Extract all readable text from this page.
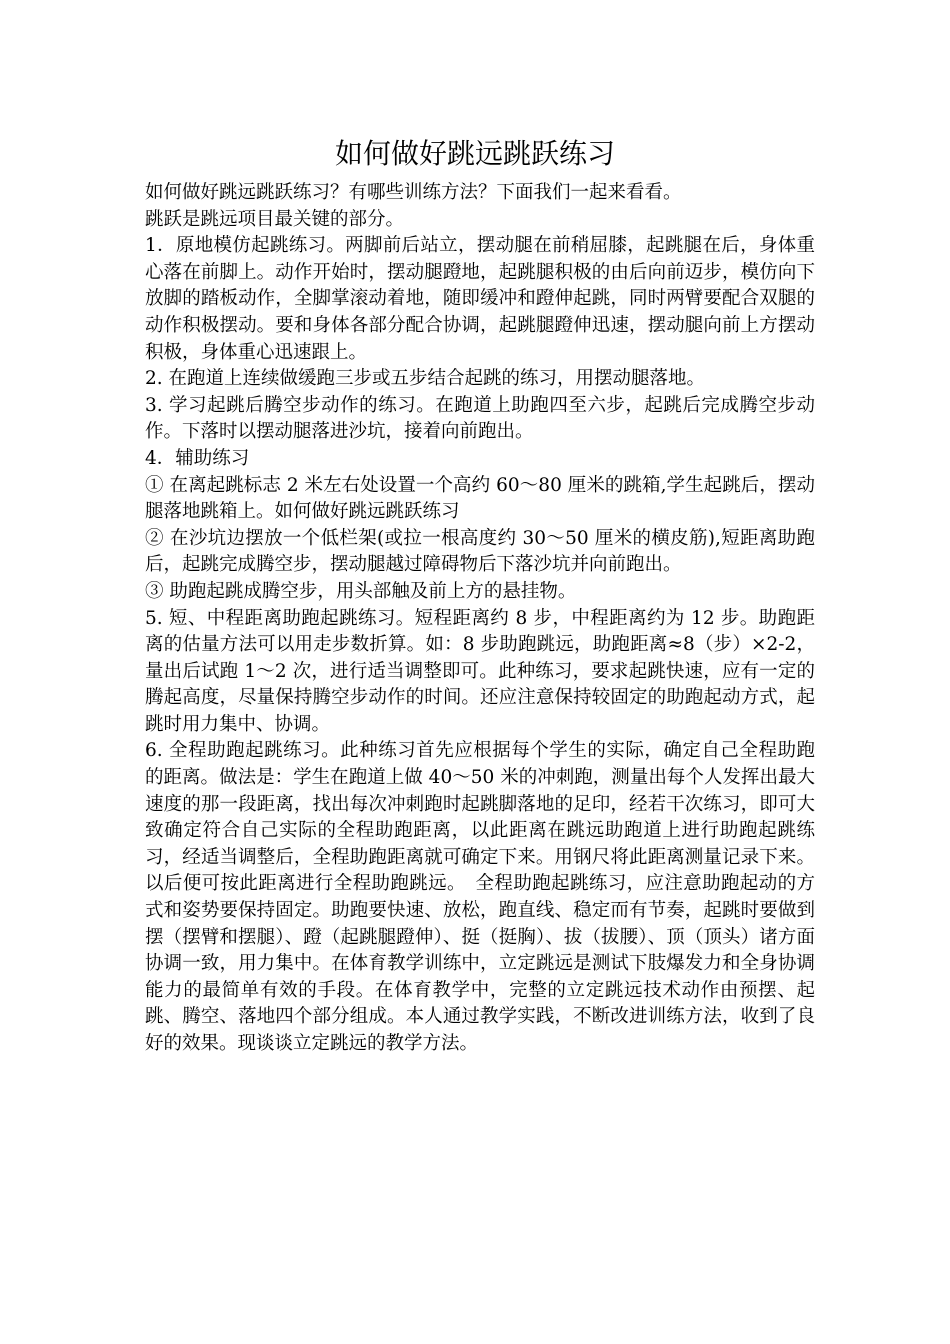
如何做好跳远跳跃练习

如何做好跳远跳跃练习？有哪些训练方法？下面我们一起来看看。

跳跃是跳远项目最关键的部分。

1．原地模仿起跳练习。两脚前后站立，摆动腿在前稍屈膝，起跳腿在后，身体重心落在前脚上。动作开始时，摆动腿蹬地，起跳腿积极的由后向前迈步，模仿向下放脚的踏板动作，全脚掌滚动着地，随即缓冲和蹬伸起跳，同时两臂要配合双腿的动作积极摆动。要和身体各部分配合协调，起跳腿蹬伸迅速，摆动腿向前上方摆动积极，身体重心迅速跟上。

2. 在跑道上连续做缓跑三步或五步结合起跳的练习，用摆动腿落地。

3. 学习起跳后腾空步动作的练习。在跑道上助跑四至六步，起跳后完成腾空步动作。下落时以摆动腿落进沙坑，接着向前跑出。

4．辅助练习

① 在离起跳标志 2 米左右处设置一个高约 60～80 厘米的跳箱,学生起跳后，摆动腿落地跳箱上。如何做好跳远跳跃练习

② 在沙坑边摆放一个低栏架(或拉一根高度约 30～50 厘米的横皮筋),短距离助跑后，起跳完成腾空步，摆动腿越过障碍物后下落沙坑并向前跑出。

③ 助跑起跳成腾空步，用头部触及前上方的悬挂物。

5. 短、中程距离助跑起跳练习。短程距离约 8 步，中程距离约为 12 步。助跑距离的估量方法可以用走步数折算。如：8 步助跑跳远，助跑距离≈8（步）×2-2，量出后试跑 1～2 次，进行适当调整即可。此种练习，要求起跳快速，应有一定的腾起高度，尽量保持腾空步动作的时间。还应注意保持较固定的助跑起动方式，起跳时用力集中、协调。

6. 全程助跑起跳练习。此种练习首先应根据每个学生的实际，确定自己全程助跑的距离。做法是：学生在跑道上做 40～50 米的冲刺跑，测量出每个人发挥出最大速度的那一段距离，找出每次冲刺跑时起跳脚落地的足印，经若干次练习，即可大致确定符合自己实际的全程助跑距离，以此距离在跳远助跑道上进行助跑起跳练习，经适当调整后，全程助跑距离就可确定下来。用钢尺将此距离测量记录下来。以后便可按此距离进行全程助跑跳远。　全程助跑起跳练习，应注意助跑起动的方式和姿势要保持固定。助跑要快速、放松，跑直线、稳定而有节奏，起跳时要做到摆（摆臂和摆腿）、蹬（起跳腿蹬伸）、挺（挺胸）、拔（拔腰）、顶（顶头）诸方面协调一致，用力集中。在体育教学训练中，立定跳远是测试下肢爆发力和全身协调能力的最简单有效的手段。在体育教学中，完整的立定跳远技术动作由预摆、起跳、腾空、落地四个部分组成。本人通过教学实践，不断改进训练方法，收到了良好的效果。现谈谈立定跳远的教学方法。
